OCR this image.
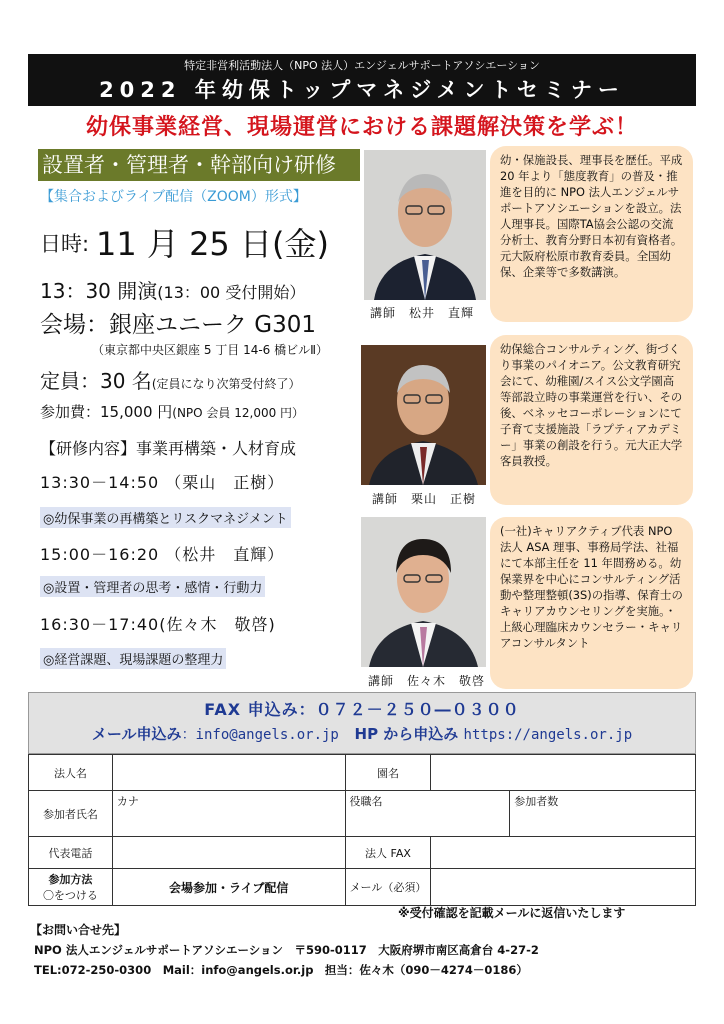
特定非営利活動法人（NPO 法人）エンジェルサポートアソシエーション
2022 年幼保トップマネジメントセミナー
幼保事業経営、現場運営における課題解決策を学ぶ！
設置者・管理者・幹部向け研修
【集合およびライブ配信（ZOOM）形式】
日時: 11 月 25 日(金)
13：30 開演(13：00 受付開始）
会場：銀座ユニーク G301
（東京都中央区銀座 5 丁目 14-6 橋ビルⅡ）
定員：30 名(定員になり次第受付終了）
参加費：15,000 円(NPO 会員 12,000 円）
【研修内容】事業再構築・人材育成
13:30－14:50 （栗山　正樹）
◎幼保事業の再構築とリスクマネジメント
15:00－16:20 （松井　直輝）
◎設置・管理者の思考・感情・行動力
16:30－17:40(佐々木　敬啓)
◎経営課題、現場課題の整理力
講師　松井　直輝
幼・保施設長、理事長を歴任。平成 20 年より「態度教育」の普及・推進を目的に NPO 法人エンジェルサポートアソシエーションを設立。法人理事長。国際TA協会公認の交流分析士、教育分野日本初有資格者。元大阪府松原市教育委員。全国幼保、企業等で多数講演。
講師　栗山　正樹
幼保総合コンサルティング、街づくり事業のパイオニア。公文教育研究会にて、幼稚園/スイス公文学園高等部設立時の事業運営を行い、その後、ベネッセコーポレーションにて子育て支援施設「ラプティアカデミー」事業の創設を行う。元大正大学客員教授。
講師　佐々木　敬啓
(一社)キャリアクティブ代表 NPO 法人 ASA 理事、事務局学法、社福にて本部主任を 11 年間務める。幼保業界を中心にコンサルティング活動や整理整頓(3S)の指導、保育士のキャリアカウンセリングを実施。・上級心理臨床カウンセラー・キャリアコンサルタント
FAX 申込み：０７２－２５０―０３００
メール申込み：info@angels.or.jp HP から申込み https://angels.or.jp
法人名		園名		
参加者氏名	カナ	役職名		参加者数
代表電話		法人 FAX		
参加方法
〇をつける	会場参加・ライブ配信	メール（必須）		
※受付確認を記載メールに返信いたします
【お問い合せ先】
NPO 法人エンジェルサポートアソシエーション　〒590-0117　大阪府堺市南区高倉台 4-27-2
TEL:072-250-0300　Mail：info@angels.or.jp　担当：佐々木（090－4274－0186）
